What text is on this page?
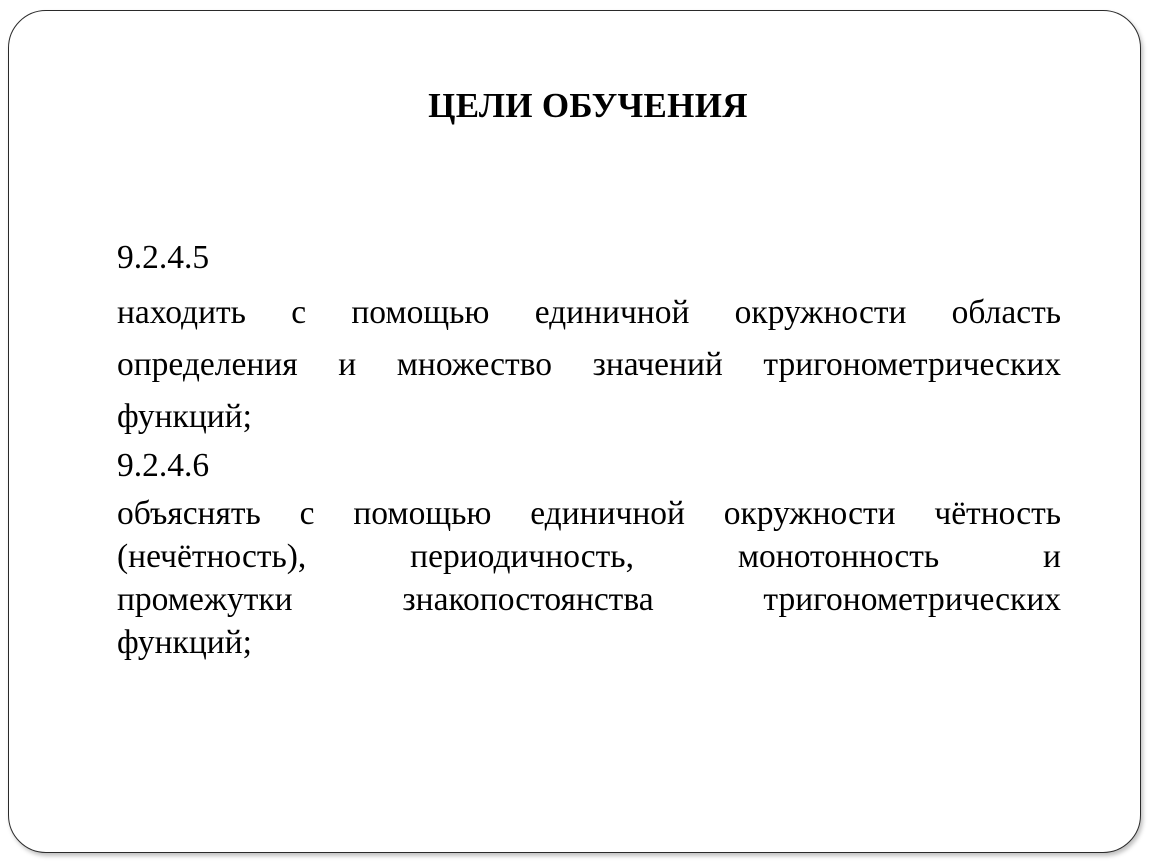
ЦЕЛИ ОБУЧЕНИЯ
9.2.4.5
находить с помощью единичной окружности область
определения и множество значений тригонометрических
функций;
9.2.4.6
объяснять с помощью единичной окружности чётность
(нечётность), периодичность, монотонность и
промежутки знакопостоянства тригонометрических
функций;
